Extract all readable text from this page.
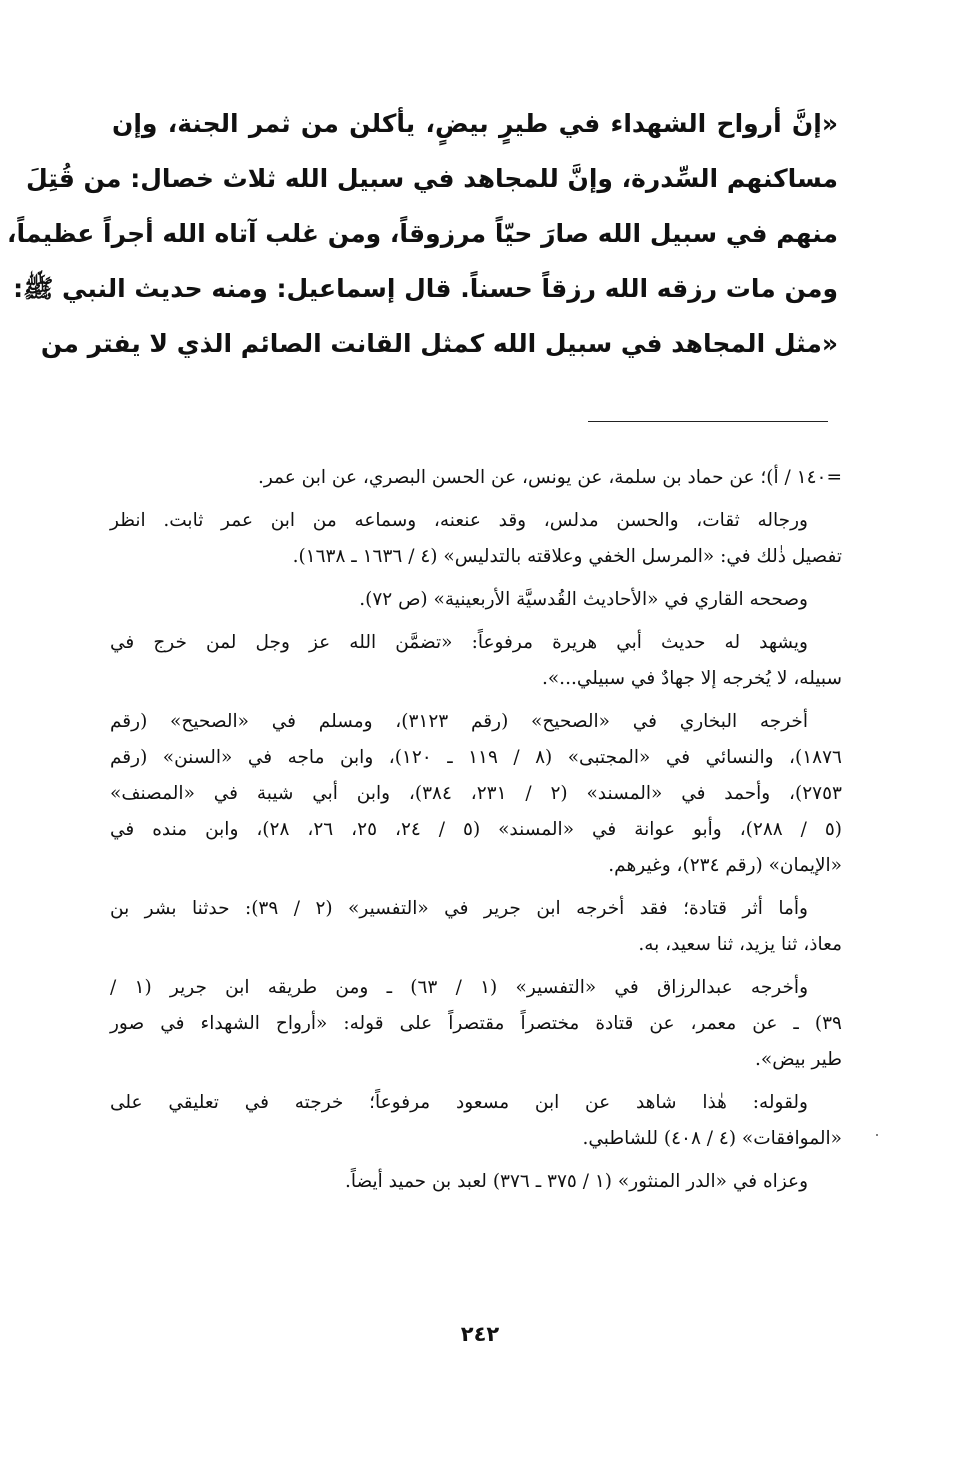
«إنَّ أرواح الشهداء في طيرٍ بيضٍ، يأكلن من ثمر الجنة، وإن
مساكنهم السِّدرة، وإنَّ للمجاهد في سبيل الله ثلاث خصال: من قُتِلَ
منهم في سبيل الله صارَ حيّاً مرزوقاً، ومن غلب آتاه الله أجراً عظيماً،
ومن مات رزقه الله رزقاً حسناً. قال إسماعيل: ومنه حديث النبي ﷺ:
«مثل المجاهد في سبيل الله كمثل القانت الصائم الذي لا يفتر من
=١٤٠ / أ)؛ عن حماد بن سلمة، عن يونس، عن الحسن البصري، عن ابن عمر.
ورجاله ثقات، والحسن مدلس، وقد عنعنه، وسماعه من ابن عمر ثابت. انظر
تفصيل ذٰلك في: «المرسل الخفي وعلاقته بالتدليس» (٤ / ١٦٣٦ ـ ١٦٣٨).
وصححه القاري في «الأحاديث القُدسيَّة الأربعينية» (ص ٧٢).
ويشهد له حديث أبي هريرة مرفوعاً: «تضمَّن الله عز وجل لمن خرج في
سبيله، لا يُخرجه إلا جهادٌ في سبيلي...».
أخرجه البخاري في «الصحيح» (رقم ٣١٢٣)، ومسلم في «الصحيح» (رقم
١٨٧٦)، والنسائي في «المجتبى» (٨ / ١١٩ ـ ١٢٠)، وابن ماجه في «السنن» (رقم
٢٧٥٣)، وأحمد في «المسند» (٢ / ٢٣١، ٣٨٤)، وابن أبي شيبة في «المصنف»
(٥ / ٢٨٨)، وأبو عوانة في «المسند» (٥ / ٢٤، ٢٥، ٢٦، ٢٨)، وابن منده في
«الإيمان» (رقم ٢٣٤)، وغيرهم.
وأما أثر قتادة؛ فقد أخرجه ابن جرير في «التفسير» (٢ / ٣٩): حدثنا بشر بن
معاذ، ثنا يزيد، ثنا سعيد، به.
وأخرجه عبدالرزاق في «التفسير» (١ / ٦٣) ـ ومن طريقه ابن جرير (١ /
٣٩) ـ عن معمر، عن قتادة مختصراً مقتصراً على قوله: «أرواح الشهداء في صور
طير بيض».
ولقوله: هٰذا شاهد عن ابن مسعود مرفوعاً؛ خرجته في تعليقي على
«الموافقات» (٤ / ٤٠٨) للشاطبي.
وعزاه في «الدر المنثور» (١ / ٣٧٥ ـ ٣٧٦) لعبد بن حميد أيضاً.
٢٤٢
